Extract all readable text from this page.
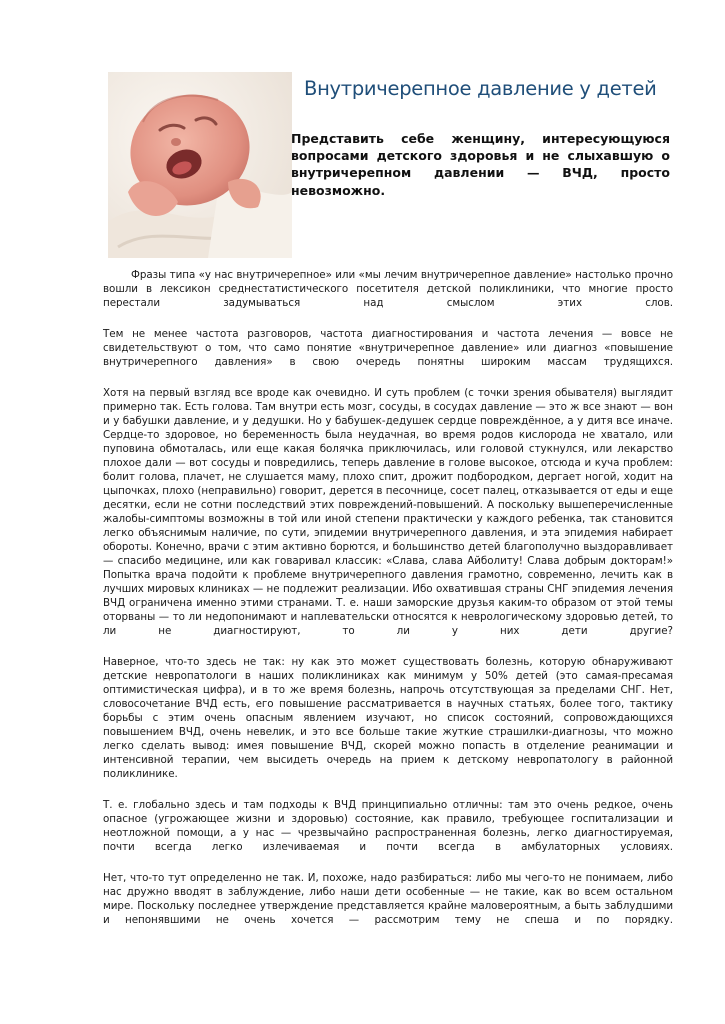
Внутричерепное давление у детей

Представить себе женщину, интересующуюся вопросами детского здоровья и не слыхавшую о внутричерепном давлении — ВЧД, просто невозможно.

Фразы типа «у нас внутричерепное» или «мы лечим внутричерепное давление» настолько прочно вошли в лексикон среднестатистического посетителя детской поликлиники, что многие просто перестали задумываться над смыслом этих слов.

Тем не менее частота разговоров, частота диагностирования и частота лечения — вовсе не свидетельствуют о том, что само понятие «внутричерепное давление» или диагноз «повышение внутричерепного давления» в свою очередь понятны широким массам трудящихся.

Хотя на первый взгляд все вроде как очевидно. И суть проблем (с точки зрения обывателя) выглядит примерно так. Есть голова. Там внутри есть мозг, сосуды, в сосудах давление — это ж все знают — вон и у бабушки давление, и у дедушки. Но у бабушек-дедушек сердце повреждённое, а у дитя все иначе. Сердце-то здоровое, но беременность была неудачная, во время родов кислорода не хватало, или пуповина обмоталась, или еще какая болячка приключилась, или головой стукнулся, или лекарство плохое дали — вот сосуды и повредились, теперь давление в голове высокое, отсюда и куча проблем: болит голова, плачет, не слушается маму, плохо спит, дрожит подбородком, дергает ногой, ходит на цыпочках, плохо (неправильно) говорит, дерется в песочнице, сосет палец, отказывается от еды и еще десятки, если не сотни последствий этих повреждений-повышений. А поскольку вышеперечисленные жалобы-симптомы возможны в той или иной степени практически у каждого ребенка, так становится легко объяснимым наличие, по сути, эпидемии внутричерепного давления, и эта эпидемия набирает обороты. Конечно, врачи с этим активно борются, и большинство детей благополучно выздоравливает — спасибо медицине, или как говаривал классик: «Слава, слава Айболиту! Слава добрым докторам!»

Попытка врача подойти к проблеме внутричерепного давления грамотно, современно, лечить как в лучших мировых клиниках — не подлежит реализации. Ибо охватившая страны СНГ эпидемия лечения ВЧД ограничена именно этими странами. Т. е. наши заморские друзья каким-то образом от этой темы оторваны — то ли недопонимают и наплевательски относятся к неврологическому здоровью детей, то ли не диагностируют, то ли у них дети другие?

Наверное, что-то здесь не так: ну как это может существовать болезнь, которую обнаруживают детские невропатологи в наших поликлиниках как минимум у 50% детей (это самая-пресамая оптимистическая цифра), и в то же время болезнь, напрочь отсутствующая за пределами СНГ. Нет, словосочетание ВЧД есть, его повышение рассматривается в научных статьях, более того, тактику борьбы с этим очень опасным явлением изучают, но список состояний, сопровождающихся повышением ВЧД, очень невелик, и это все больше такие жуткие страшилки-диагнозы, что можно легко сделать вывод: имея повышение ВЧД, скорей можно попасть в отделение реанимации и интенсивной терапии, чем высидеть очередь на прием к детскому невропатологу в районной поликлинике.

Т. е. глобально здесь и там подходы к ВЧД принципиально отличны: там это очень редкое, очень опасное (угрожающее жизни и здоровью) состояние, как правило, требующее госпитализации и неотложной помощи, а у нас — чрезвычайно распространенная болезнь, легко диагностируемая, почти всегда легко излечиваемая и почти всегда в амбулаторных условиях.

Нет, что-то тут определенно не так. И, похоже, надо разбираться: либо мы чего-то не понимаем, либо нас дружно вводят в заблуждение, либо наши дети особенные — не такие, как во всем остальном мире. Поскольку последнее утверждение представляется крайне маловероятным, а быть заблудшими и непонявшими не очень хочется — рассмотрим тему не спеша и по порядку.
